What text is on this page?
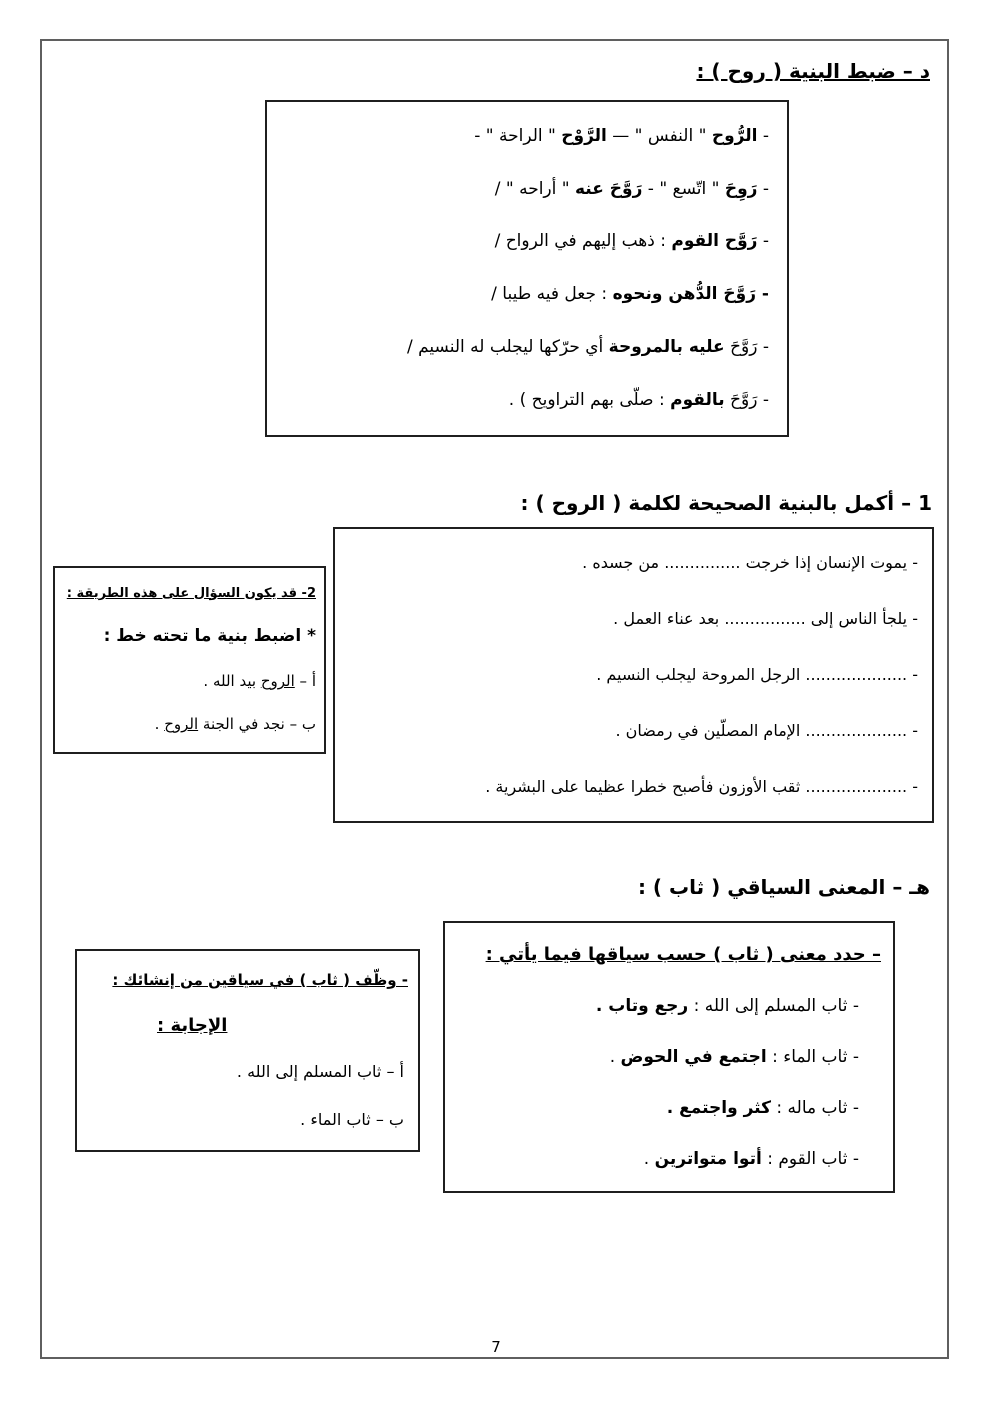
د – ضبط البنية ( روح ) :
- الرُّوح " النفس " — الرَّوْح " الراحة " -
- رَوِحَ " اتّسع " - رَوَّحَ عنه " أراحه " /
- رَوَّح القوم : ذهب إليهم في الرواح /
- رَوَّحَ الدُّهن ونحوه : جعل فيه طيبا /
- رَوَّحَ عليه بالمروحة أي حرّكها ليجلب له النسيم /
- رَوَّحَ بالقوم : صلّى بهم التراويح ) .
1 – أكمل بالبنية الصحيحة لكلمة ( الروح ) :
- يموت الإنسان إذا خرجت ............... من جسده .
- يلجأ الناس إلى ................ بعد عناء العمل .
- .................... الرجل المروحة ليجلب النسيم .
- .................... الإمام المصلّين في رمضان .
- .................... ثقب الأوزون فأصبح خطرا عظيما على البشرية .
2- قد يكون السؤال على هذه الطريقة :
* اضبط بنية ما تحته خط :
أ – الروح بيد الله .
ب – نجد في الجنة الروح .
هـ – المعنى السياقي ( ثاب ) :
– حدد معنى ( ثاب ) حسب سياقها فيما يأتي :
- ثاب المسلم إلى الله : رجع وتاب .
- ثاب الماء : اجتمع في الحوض .
- ثاب ماله : كثر واجتمع .
- ثاب القوم : أتوا متواترين .
- وظّف ( ثاب ) في سياقين من إنشائك :
الإجابة :
أ – ثاب المسلم إلى الله .
ب – ثاب الماء .
7
